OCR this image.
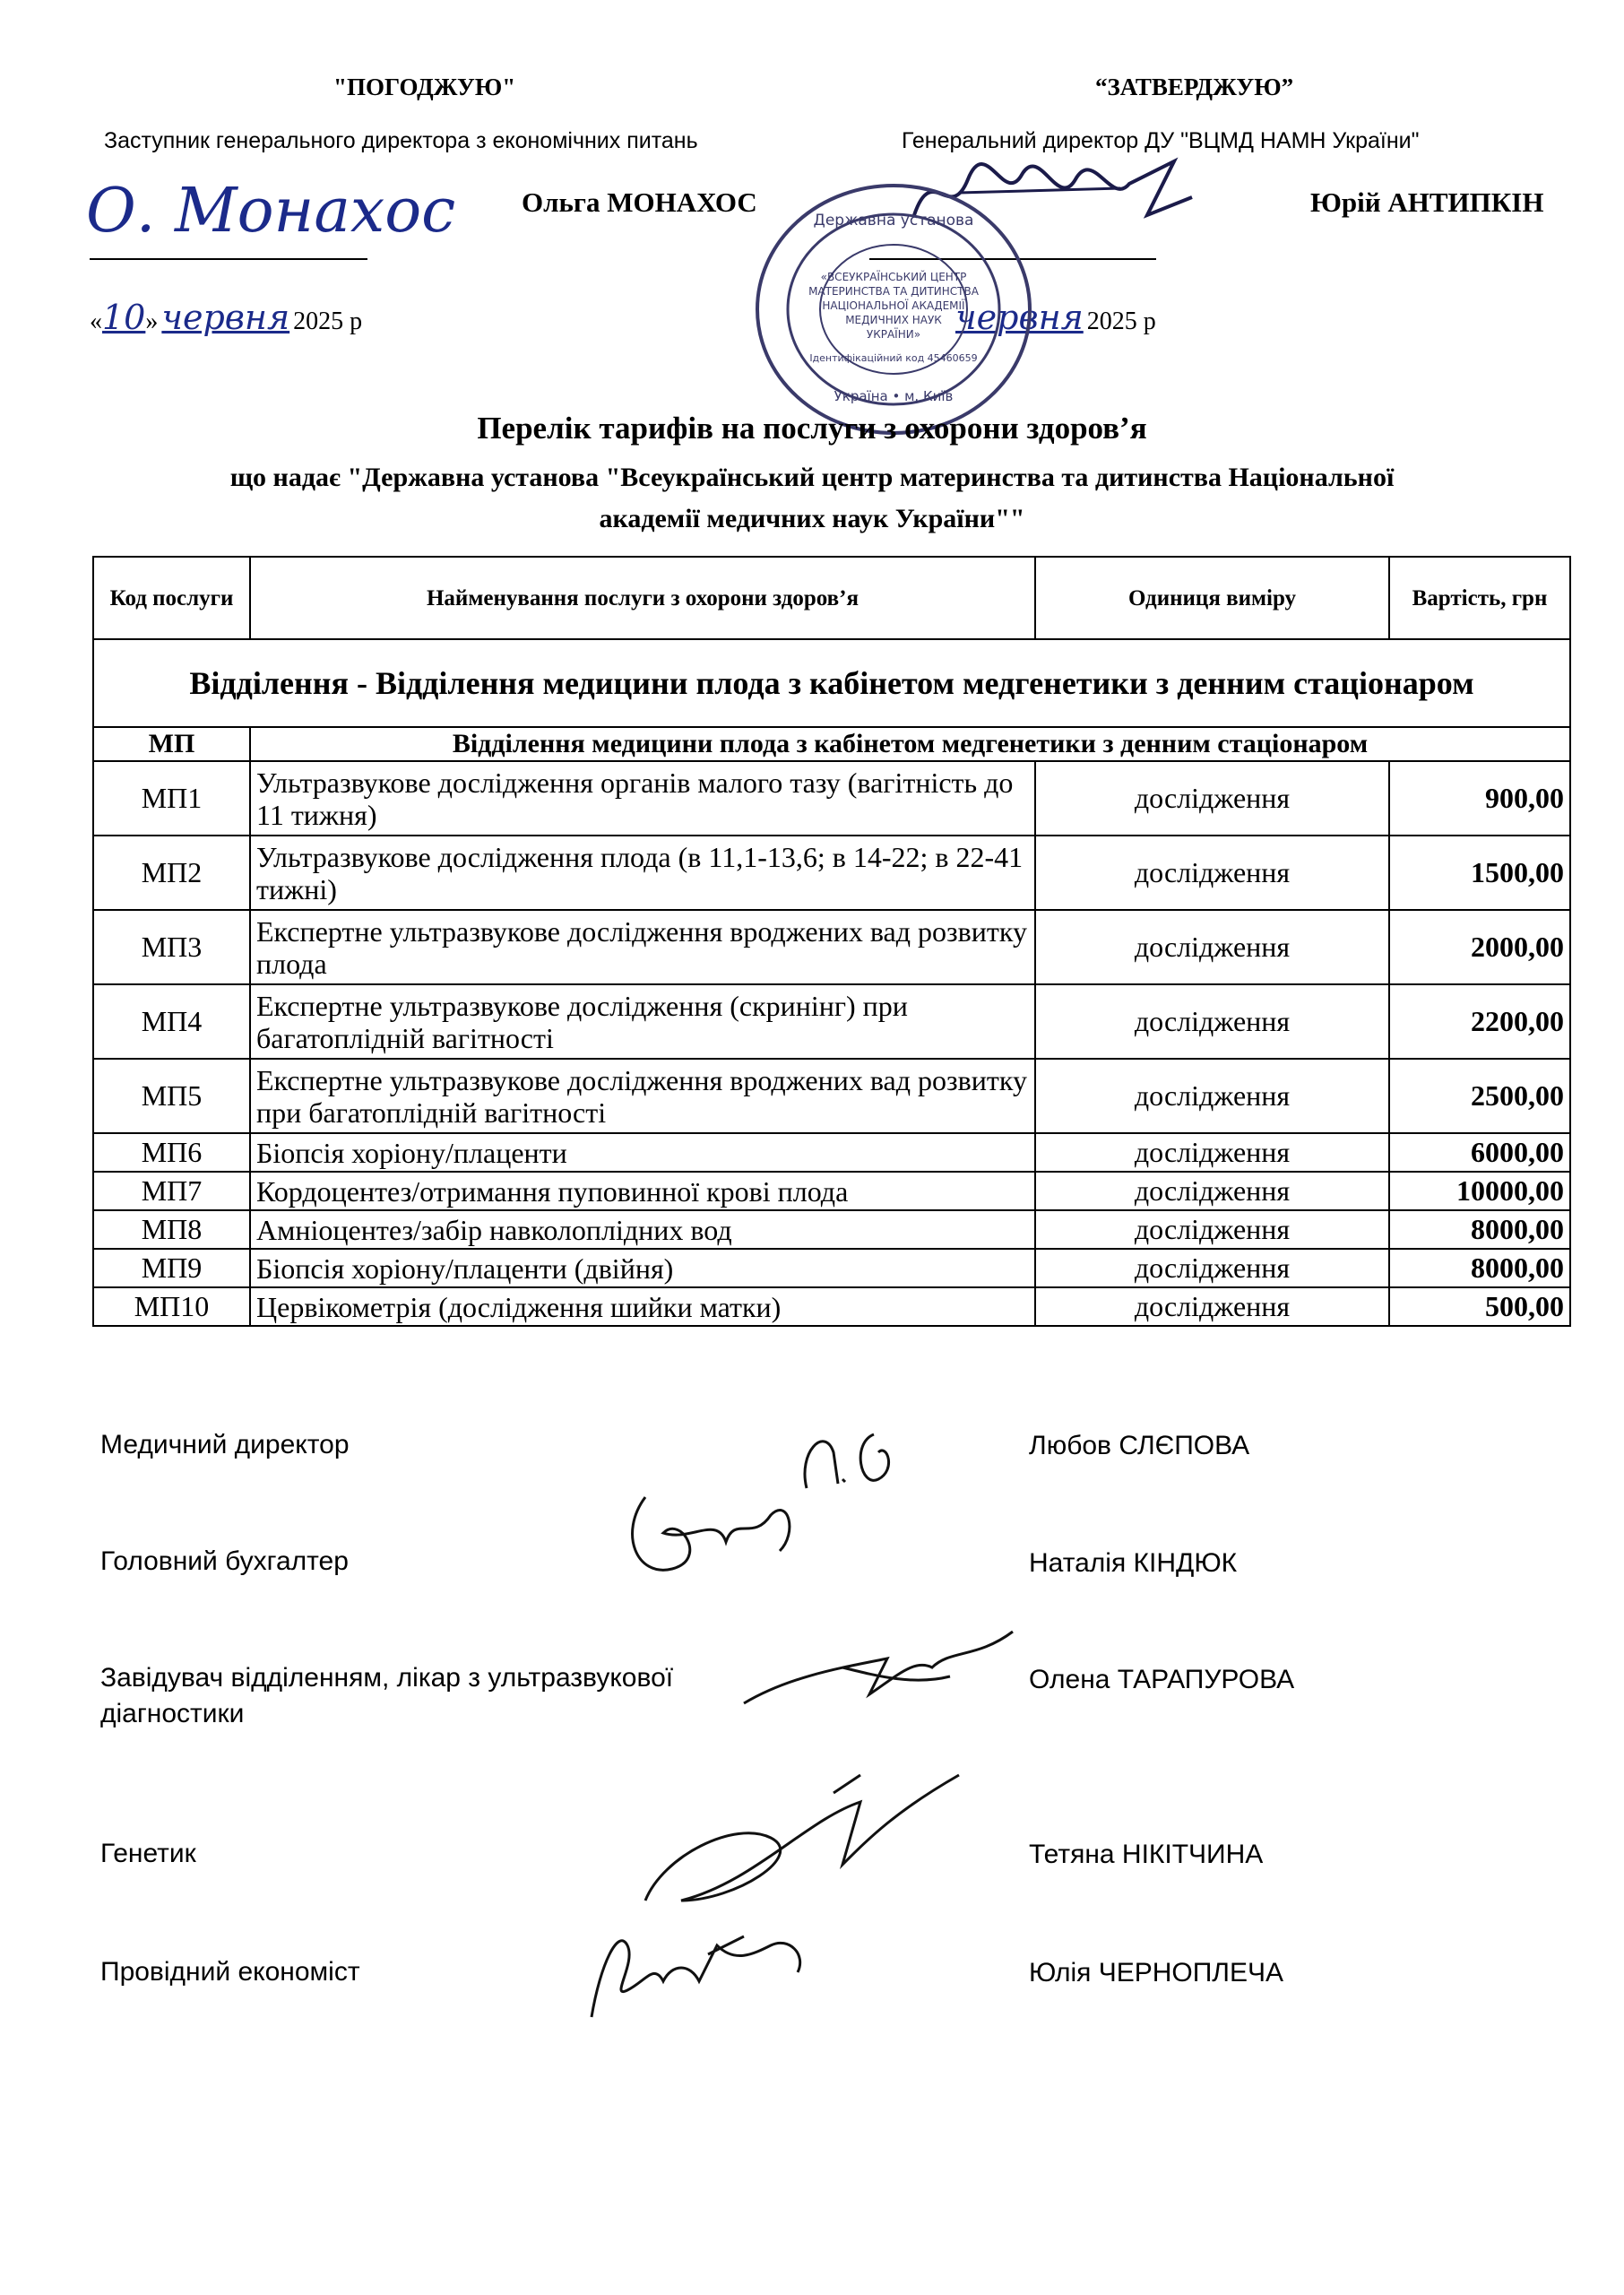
"ПОГОДЖУЮ"
Заступник генерального директора з економічних питань
О. Монахос Ольга МОНАХОС
«10» червня 2025 р
“ЗАТВЕРДЖУЮ”
Генеральний директор ДУ "ВЦМД НАМН України"
Юрій АНТИПКІН
червня 2025 р
«ВСЕУКРАЇНСЬКИЙ ЦЕНТР
МАТЕРИНСТВА ТА ДИТИНСТВА
НАЦІОНАЛЬНОЇ АКАДЕМІЇ
МЕДИЧНИХ НАУК
УКРАЇНИ»
Державна установа
Україна • м. Київ
Ідентифікаційний код 45460659
Перелік тарифів на послуги з охорони здоров’я
що надає "Державна установа "Всеукраїнський центр материнства та дитинства Національної
академії медичних наук України""
Код послуги	Найменування послуги з охорони здоров’я	Одиниця виміру	Вартість, грн
Відділення - Відділення медицини плода з кабінетом медгенетики з денним стаціонаром			
МП	Відділення медицини плода з кабінетом медгенетики з денним стаціонаром		
МП1	Ультразвукове дослідження органів малого тазу (вагітність до 11 тижня)	дослідження	900,00
МП2	Ультразвукове дослідження плода (в 11,1-13,6; в 14-22; в 22-41 тижні)	дослідження	1500,00
МП3	Експертне ультразвукове дослідження вроджених вад розвитку плода	дослідження	2000,00
МП4	Експертне ультразвукове дослідження (скринінг) при багатоплідній вагітності	дослідження	2200,00
МП5	Експертне ультразвукове дослідження вроджених вад розвитку при багатоплідній вагітності	дослідження	2500,00
МП6	Біопсія хоріону/плаценти	дослідження	6000,00
МП7	Кордоцентез/отримання пуповинної крові плода	дослідження	10000,00
МП8	Амніоцентез/забір навколоплідних вод	дослідження	8000,00
МП9	Біопсія хоріону/плаценти (двійня)	дослідження	8000,00
МП10	Цервікометрія (дослідження шийки матки)	дослідження	500,00
Медичний директор	Любов СЛЄПОВА
Головний бухгалтер	Наталія КІНДЮК
Завідувач відділенням, лікар з ультразвукової діагностики
Олена ТАРАПУРОВА
Генетик	Тетяна НІКІТЧИНА
Провідний економіст	Юлія ЧЕРНОПЛЕЧА
